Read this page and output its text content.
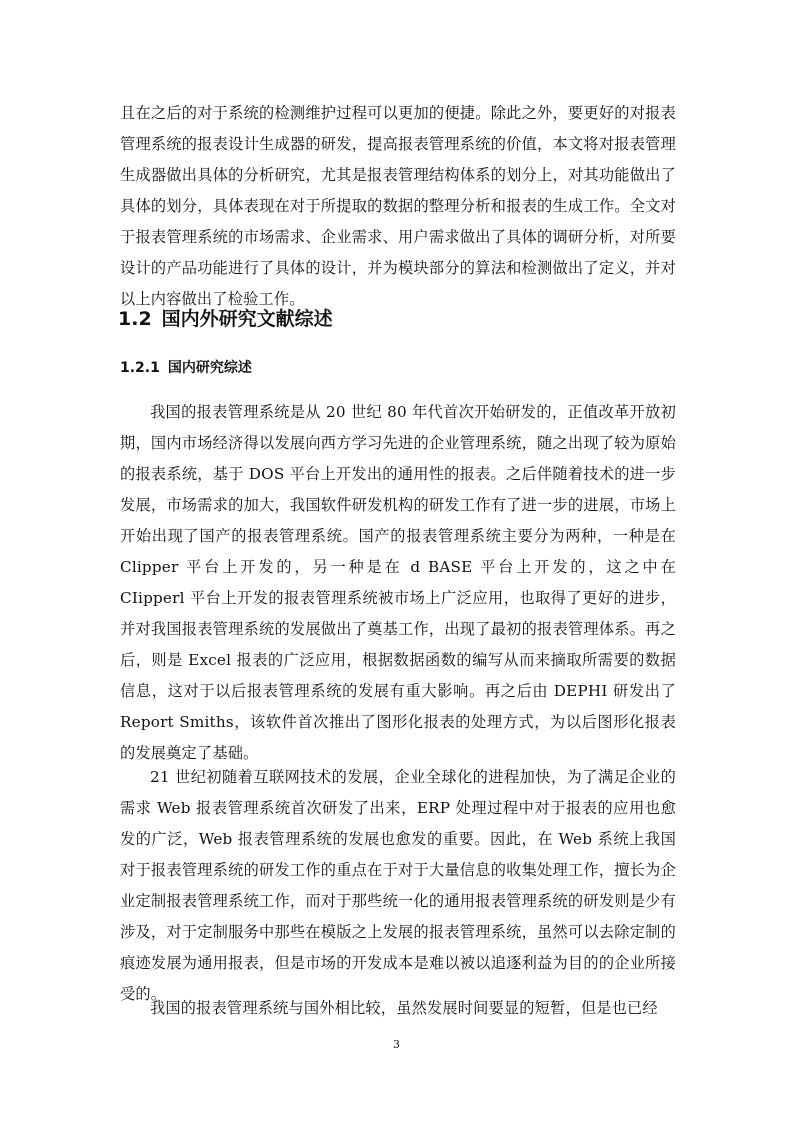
且在之后的对于系统的检测维护过程可以更加的便捷。除此之外，要更好的对报表管理系统的报表设计生成器的研发，提高报表管理系统的价值，本文将对报表管理生成器做出具体的分析研究，尤其是报表管理结构体系的划分上，对其功能做出了具体的划分，具体表现在对于所提取的数据的整理分析和报表的生成工作。全文对于报表管理系统的市场需求、企业需求、用户需求做出了具体的调研分析，对所要设计的产品功能进行了具体的设计，并为模块部分的算法和检测做出了定义，并对以上内容做出了检验工作。

1.2 国内外研究文献综述
1.2.1 国内研究综述

我国的报表管理系统是从 20 世纪 80 年代首次开始研发的，正值改革开放初期，国内市场经济得以发展向西方学习先进的企业管理系统，随之出现了较为原始的报表系统，基于 DOS 平台上开发出的通用性的报表。之后伴随着技术的进一步发展，市场需求的加大，我国软件研发机构的研发工作有了进一步的进展，市场上开始出现了国产的报表管理系统。国产的报表管理系统主要分为两种，一种是在 Clipper 平台上开发的，另一种是在 d BASE 平台上开发的，这之中在 CIipperl 平台上开发的报表管理系统被市场上广泛应用，也取得了更好的进步，并对我国报表管理系统的发展做出了奠基工作，出现了最初的报表管理体系。再之后，则是 Excel 报表的广泛应用，根据数据函数的编写从而来摘取所需要的数据信息，这对于以后报表管理系统的发展有重大影响。再之后由 DEPHI 研发出了 Report Smiths，该软件首次推出了图形化报表的处理方式，为以后图形化报表的发展奠定了基础。

21 世纪初随着互联网技术的发展，企业全球化的进程加快，为了满足企业的需求 Web 报表管理系统首次研发了出来，ERP 处理过程中对于报表的应用也愈发的广泛，Web 报表管理系统的发展也愈发的重要。因此，在 Web 系统上我国对于报表管理系统的研发工作的重点在于对于大量信息的收集处理工作，擅长为企业定制报表管理系统工作，而对于那些统一化的通用报表管理系统的研发则是少有涉及，对于定制服务中那些在模版之上发展的报表管理系统，虽然可以去除定制的痕迹发展为通用报表，但是市场的开发成本是难以被以追逐利益为目的的企业所接受的。

我国的报表管理系统与国外相比较，虽然发展时间要显的短暂，但是也已经

3
